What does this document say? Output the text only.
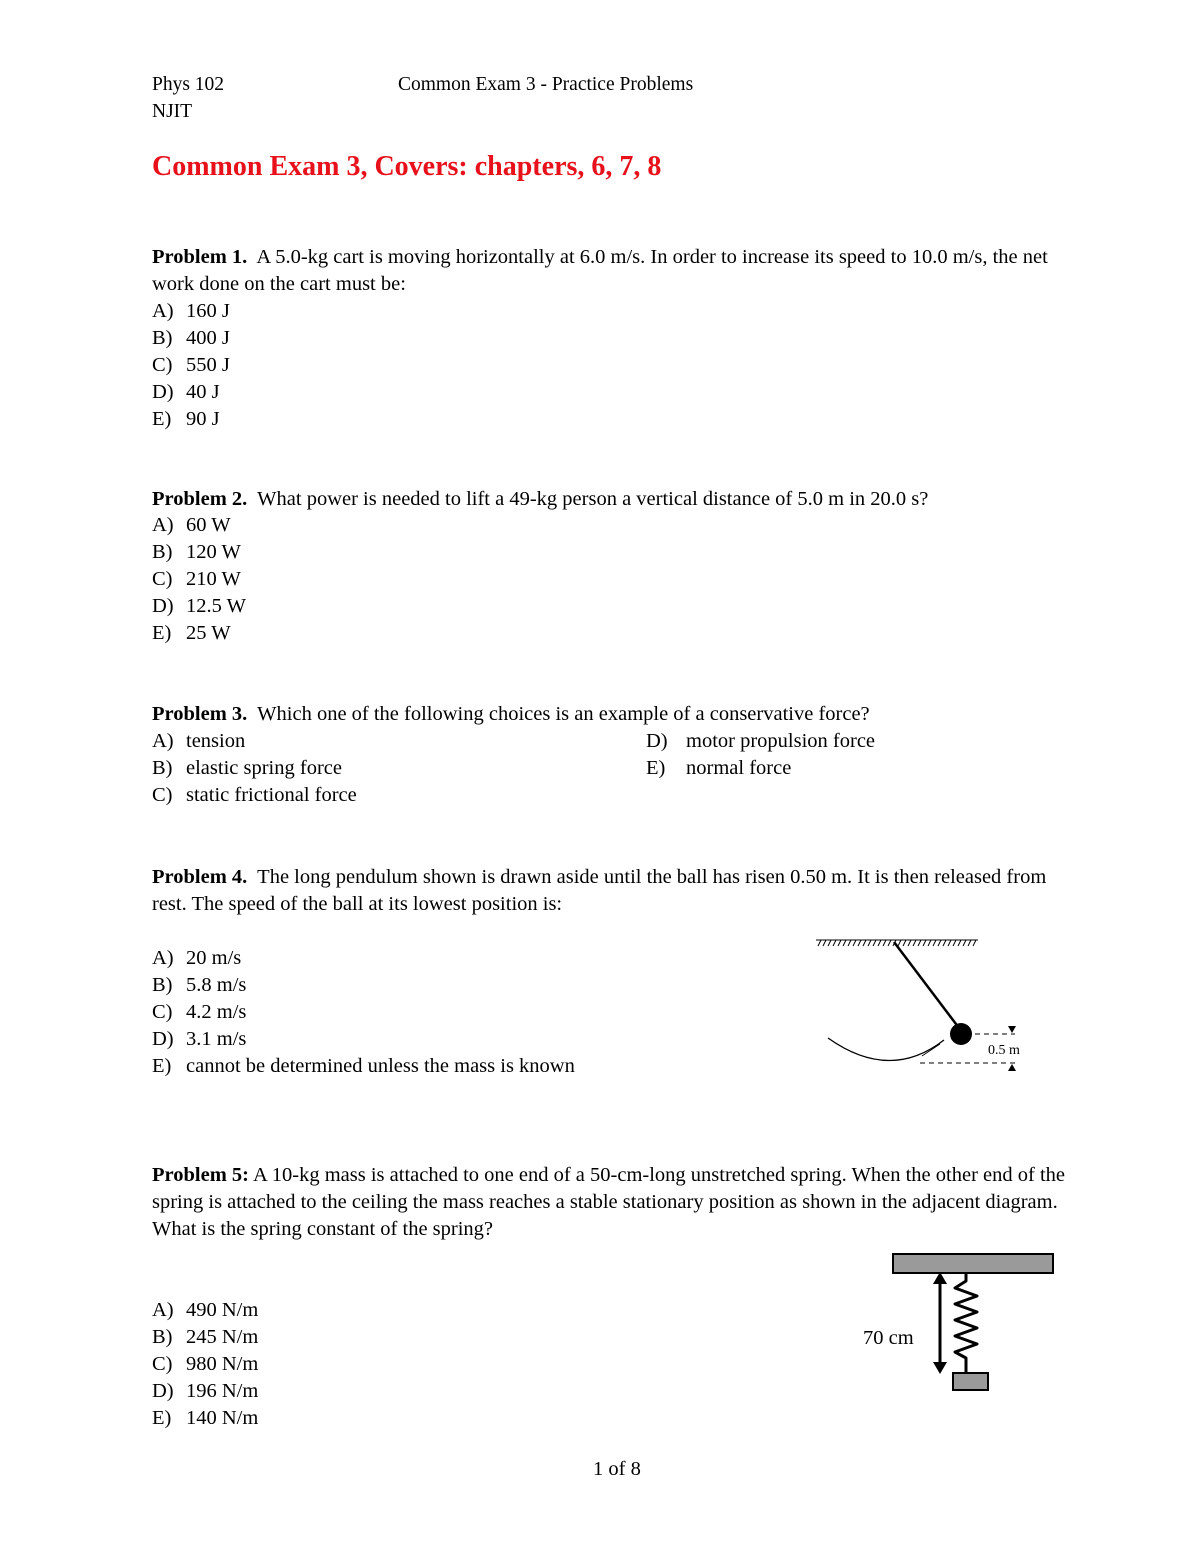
Phys 102	Common Exam 3 - Practice Problems
NJIT
Common Exam 3, Covers: chapters, 6, 7, 8
Problem 1. A 5.0-kg cart is moving horizontally at 6.0 m/s. In order to increase its speed to 10.0 m/s, the net work done on the cart must be:
A) 160 J
B) 400 J
C) 550 J
D) 40 J
E) 90 J
Problem 2. What power is needed to lift a 49-kg person a vertical distance of 5.0 m in 20.0 s?
A) 60 W
B) 120 W
C) 210 W
D) 12.5 W
E) 25 W
Problem 3. Which one of the following choices is an example of a conservative force?
A) tension
B) elastic spring force
C) static frictional force
D) motor propulsion force
E) normal force
Problem 4. The long pendulum shown is drawn aside until the ball has risen 0.50 m. It is then released from rest. The speed of the ball at its lowest position is:
A) 20 m/s
B) 5.8 m/s
C) 4.2 m/s
D) 3.1 m/s
E) cannot be determined unless the mass is known
0.5 m
Problem 5: A 10-kg mass is attached to one end of a 50-cm-long unstretched spring. When the other end of the spring is attached to the ceiling the mass reaches a stable stationary position as shown in the adjacent diagram. What is the spring constant of the spring?
A) 490 N/m
B) 245 N/m
C) 980 N/m
D) 196 N/m
E) 140 N/m
70 cm
1 of 8
